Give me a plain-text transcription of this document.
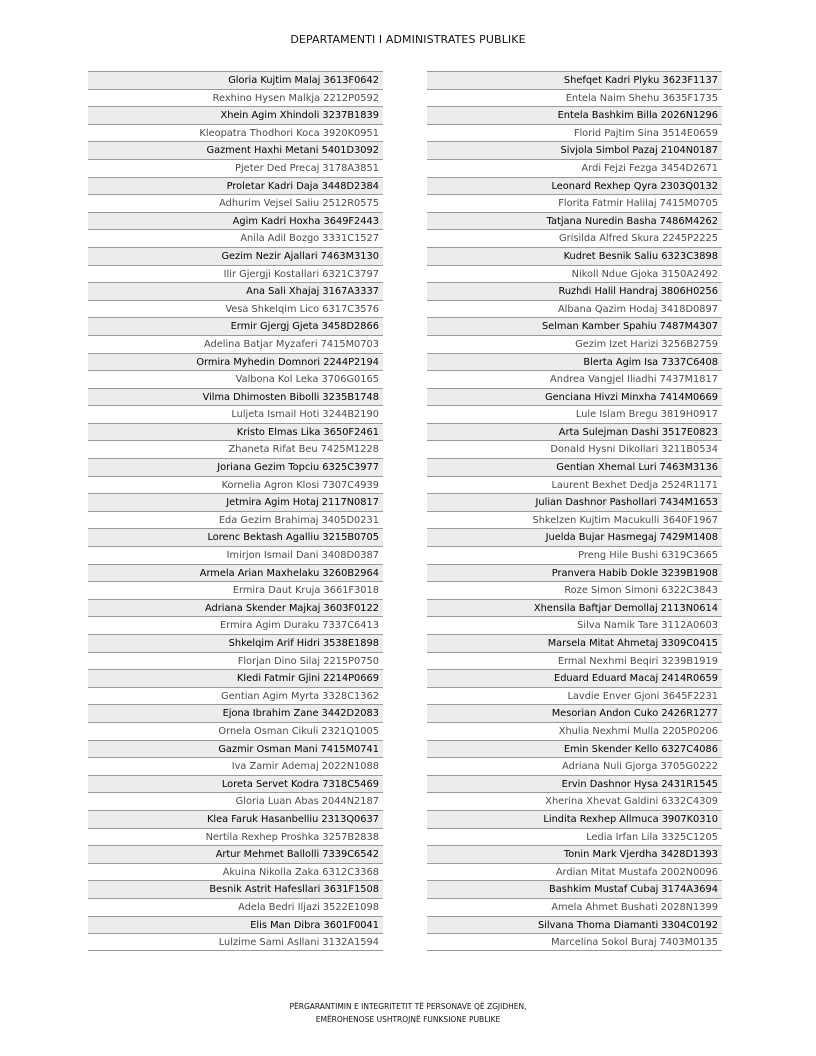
DEPARTAMENTI I ADMINISTRATES PUBLIKE
Gloria Kujtim Malaj 3613F0642
Rexhino Hysen Malkja 2212P0592
Xhein Agim Xhindoli 3237B1839
Kleopatra Thodhori Koca 3920K0951
Gazment Haxhi Metani 5401D3092
Pjeter Ded Precaj 3178A3851
Proletar Kadri Daja 3448D2384
Adhurim Vejsel Saliu 2512R0575
Agim Kadri Hoxha 3649F2443
Anila Adil Bozgo 3331C1527
Gezim Nezir Ajallari 7463M3130
Ilir Gjergji Kostallari 6321C3797
Ana Sali Xhajaj 3167A3337
Vesa Shkelqim Lico 6317C3576
Ermir Gjergj Gjeta 3458D2866
Adelina Batjar Myzaferi 7415M0703
Ormira Myhedin Domnori 2244P2194
Valbona Kol Leka 3706G0165
Vilma Dhimosten Bibolli 3235B1748
Luljeta Ismail Hoti 3244B2190
Kristo Elmas Lika 3650F2461
Zhaneta Rifat Beu 7425M1228
Joriana Gezim Topciu 6325C3977
Kornelia Agron Klosi 7307C4939
Jetmira Agim Hotaj 2117N0817
Eda Gezim Brahimaj 3405D0231
Lorenc Bektash Agalliu 3215B0705
Imirjon Ismail Dani 3408D0387
Armela Arian Maxhelaku 3260B2964
Ermira Daut Kruja 3661F3018
Adriana Skender Majkaj 3603F0122
Ermira Agim Duraku 7337C6413
Shkelqim Arif Hidri 3538E1898
Florjan Dino Silaj 2215P0750
Kledi Fatmir Gjini 2214P0669
Gentian Agim Myrta 3328C1362
Ejona Ibrahim Zane 3442D2083
Ornela Osman Cikuli 2321Q1005
Gazmir Osman Mani 7415M0741
Iva Zamir Ademaj 2022N1088
Loreta Servet Kodra 7318C5469
Gloria Luan Abas 2044N2187
Klea Faruk Hasanbelliu 2313Q0637
Nertila Rexhep Proshka 3257B2838
Artur Mehmet Ballolli 7339C6542
Akuina Nikolla Zaka 6312C3368
Besnik Astrit Hafesllari 3631F1508
Adela Bedri Iljazi 3522E1098
Elis Man Dibra 3601F0041
Lulzime Sami Asllani 3132A1594
Shefqet Kadri Plyku 3623F1137
Entela Naim Shehu 3635F1735
Entela Bashkim Billa 2026N1296
Florid Pajtim Sina 3514E0659
Sivjola Simbol Pazaj 2104N0187
Ardi Fejzi Fezga 3454D2671
Leonard Rexhep Qyra 2303Q0132
Florita Fatmir Halilaj 7415M0705
Tatjana Nuredin Basha 7486M4262
Grisilda Alfred Skura 2245P2225
Kudret Besnik Saliu 6323C3898
Nikoll Ndue Gjoka 3150A2492
Ruzhdi Halil Handraj 3806H0256
Albana Qazim Hodaj 3418D0897
Selman Kamber Spahiu 7487M4307
Gezim Izet Harizi 3256B2759
Blerta Agim Isa 7337C6408
Andrea Vangjel Iliadhi 7437M1817
Genciana Hivzi Minxha 7414M0669
Lule Islam Bregu 3819H0917
Arta Sulejman Dashi 3517E0823
Donald Hysni Dikollari 3211B0534
Gentian Xhemal Luri 7463M3136
Laurent Bexhet Dedja 2524R1171
Julian Dashnor Pashollari 7434M1653
Shkelzen Kujtim Macukulli 3640F1967
Juelda Bujar Hasmegaj 7429M1408
Preng Hile Bushi 6319C3665
Pranvera Habib Dokle 3239B1908
Roze Simon Simoni 6322C3843
Xhensila Baftjar Demollaj 2113N0614
Silva Namik Tare 3112A0603
Marsela Mitat Ahmetaj 3309C0415
Ermal Nexhmi Beqiri 3239B1919
Eduard Eduard Macaj 2414R0659
Lavdie Enver Gjoni 3645F2231
Mesorian Andon Cuko 2426R1277
Xhulia Nexhmi Mulla 2205P0206
Emin Skender Kello 6327C4086
Adriana Nuli Gjorga 3705G0222
Ervin Dashnor Hysa 2431R1545
Xherina Xhevat Galdini 6332C4309
Lindita Rexhep Allmuca 3907K0310
Ledia Irfan Lila 3325C1205
Tonin Mark Vjerdha 3428D1393
Ardian Mitat Mustafa 2002N0096
Bashkim Mustaf Cubaj 3174A3694
Amela Ahmet Bushati 2028N1399
Silvana Thoma Diamanti 3304C0192
Marcelina Sokol Buraj 7403M0135
PËRGARANTIMIN E INTEGRITETIT TË PERSONAVE QË ZGJIDHEN,
EMËROHENOSE USHTROJNË FUNKSIONE PUBLIKE
